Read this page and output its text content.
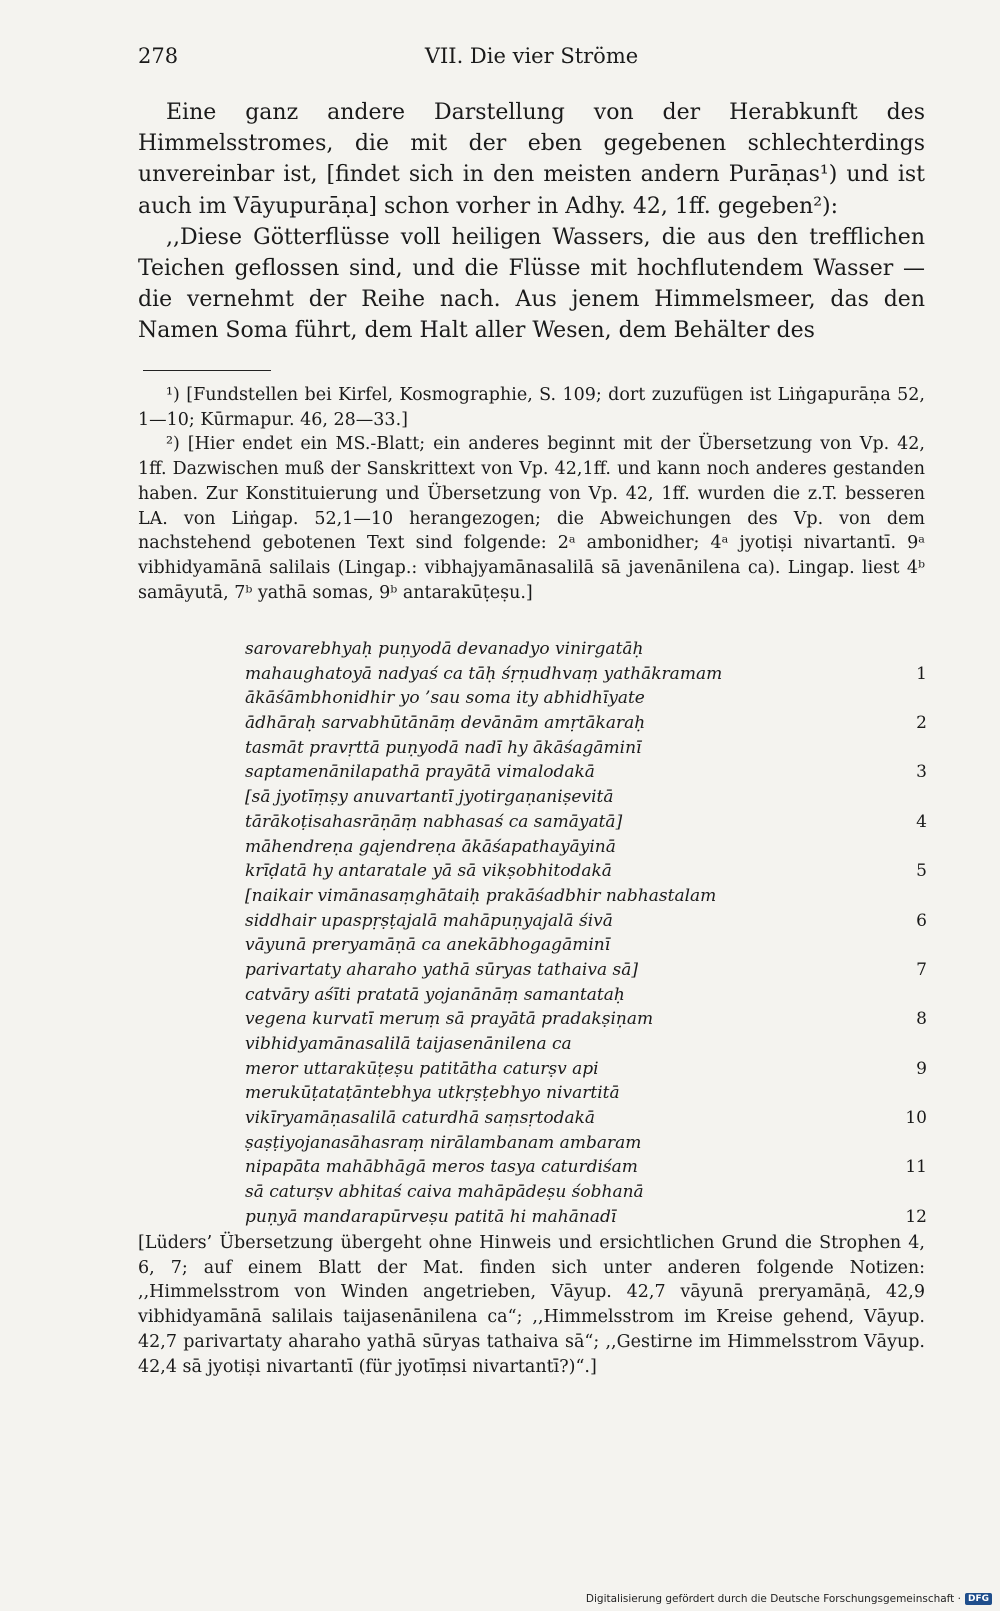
278	VII. Die vier Ströme

Eine ganz andere Darstellung von der Herabkunft des Himmelsstromes, die mit der eben gegebenen schlechterdings unvereinbar ist, [findet sich in den meisten andern Purāṇas¹) und ist auch im Vāyupurāṇa] schon vorher in Adhy. 42, 1ff. gegeben²):

,,Diese Götterflüsse voll heiligen Wassers, die aus den trefflichen Teichen geflossen sind, und die Flüsse mit hochflutendem Wasser — die vernehmt der Reihe nach. Aus jenem Himmelsmeer, das den Namen Soma führt, dem Halt aller Wesen, dem Behälter des

¹) [Fundstellen bei Kirfel, Kosmographie, S. 109; dort zuzufügen ist Liṅgapurāṇa 52, 1—10; Kūrmapur. 46, 28—33.]

²) [Hier endet ein MS.-Blatt; ein anderes beginnt mit der Übersetzung von Vp. 42, 1ff. Dazwischen muß der Sanskrittext von Vp. 42,1ff. und kann noch anderes gestanden haben. Zur Konstituierung und Übersetzung von Vp. 42, 1ff. wurden die z.T. besseren LA. von Liṅgap. 52,1—10 herangezogen; die Abweichungen des Vp. von dem nachstehend gebotenen Text sind folgende: 2ᵃ ambonidher; 4ᵃ jyotiṣi nivartantī. 9ᵃ vibhidyamānā salilais (Lingap.: vibhajyamānasalilā sā javenānilena ca). Lingap. liest 4ᵇ samāyutā, 7ᵇ yathā somas, 9ᵇ antarakūṭeṣu.]

sarovarebhyaḥ puṇyodā devanadyo vinirgatāḥ
mahaughatoyā nadyaś ca tāḥ śṛṇudhvaṃ yathākramam	1
ākāśāmbhonidhir yo ’sau soma ity abhidhīyate
ādhāraḥ sarvabhūtānāṃ devānām amṛtākaraḥ	2
tasmāt pravṛttā puṇyodā nadī hy ākāśagāminī
saptamenānilapathā prayātā vimalodakā	3
[sā jyotīṃṣy anuvartantī jyotirgaṇaniṣevitā
tārākoṭisahasrāṇāṃ nabhasaś ca samāyatā]	4
māhendreṇa gajendreṇa ākāśapathayāyinā
krīḍatā hy antaratale yā sā vikṣobhitodakā	5
[naikair vimānasaṃghātaiḥ prakāśadbhir nabhastalam
siddhair upaspṛṣṭajalā mahāpuṇyajalā śivā	6
vāyunā preryamāṇā ca anekābhogagāminī
parivartaty aharaho yathā sūryas tathaiva sā]	7
catvāry aśīti pratatā yojanānāṃ samantataḥ
vegena kurvatī meruṃ sā prayātā pradakṣiṇam	8
vibhidyamānasalilā taijasenānilena ca
meror uttarakūṭeṣu patitātha caturṣv api	9
merukūṭataṭāntebhya utkṛṣṭebhyo nivartitā
vikīryamāṇasalilā caturdhā saṃsṛtodakā	10
ṣaṣṭiyojanasāhasraṃ nirālambanam ambaram
nipapāta mahābhāgā meros tasya caturdiśam	11
sā caturṣv abhitaś caiva mahāpādeṣu śobhanā
puṇyā mandarapūrveṣu patitā hi mahānadī	12

[Lüders’ Übersetzung übergeht ohne Hinweis und ersichtlichen Grund die Strophen 4, 6, 7; auf einem Blatt der Mat. finden sich unter anderen folgende Notizen: ,,Himmelsstrom von Winden angetrieben, Vāyup. 42,7 vāyunā preryamāṇā, 42,9 vibhidyamānā salilais taijasenānilena ca“; ,,Himmelsstrom im Kreise gehend, Vāyup. 42,7 parivartaty aharaho yathā sūryas tathaiva sā“; ,,Gestirne im Himmelsstrom Vāyup. 42,4 sā jyotiṣi nivartantī (für jyotīṃsi nivartantī?)“.]

Digitalisierung gefördert durch die Deutsche Forschungsgemeinschaft · DFG
